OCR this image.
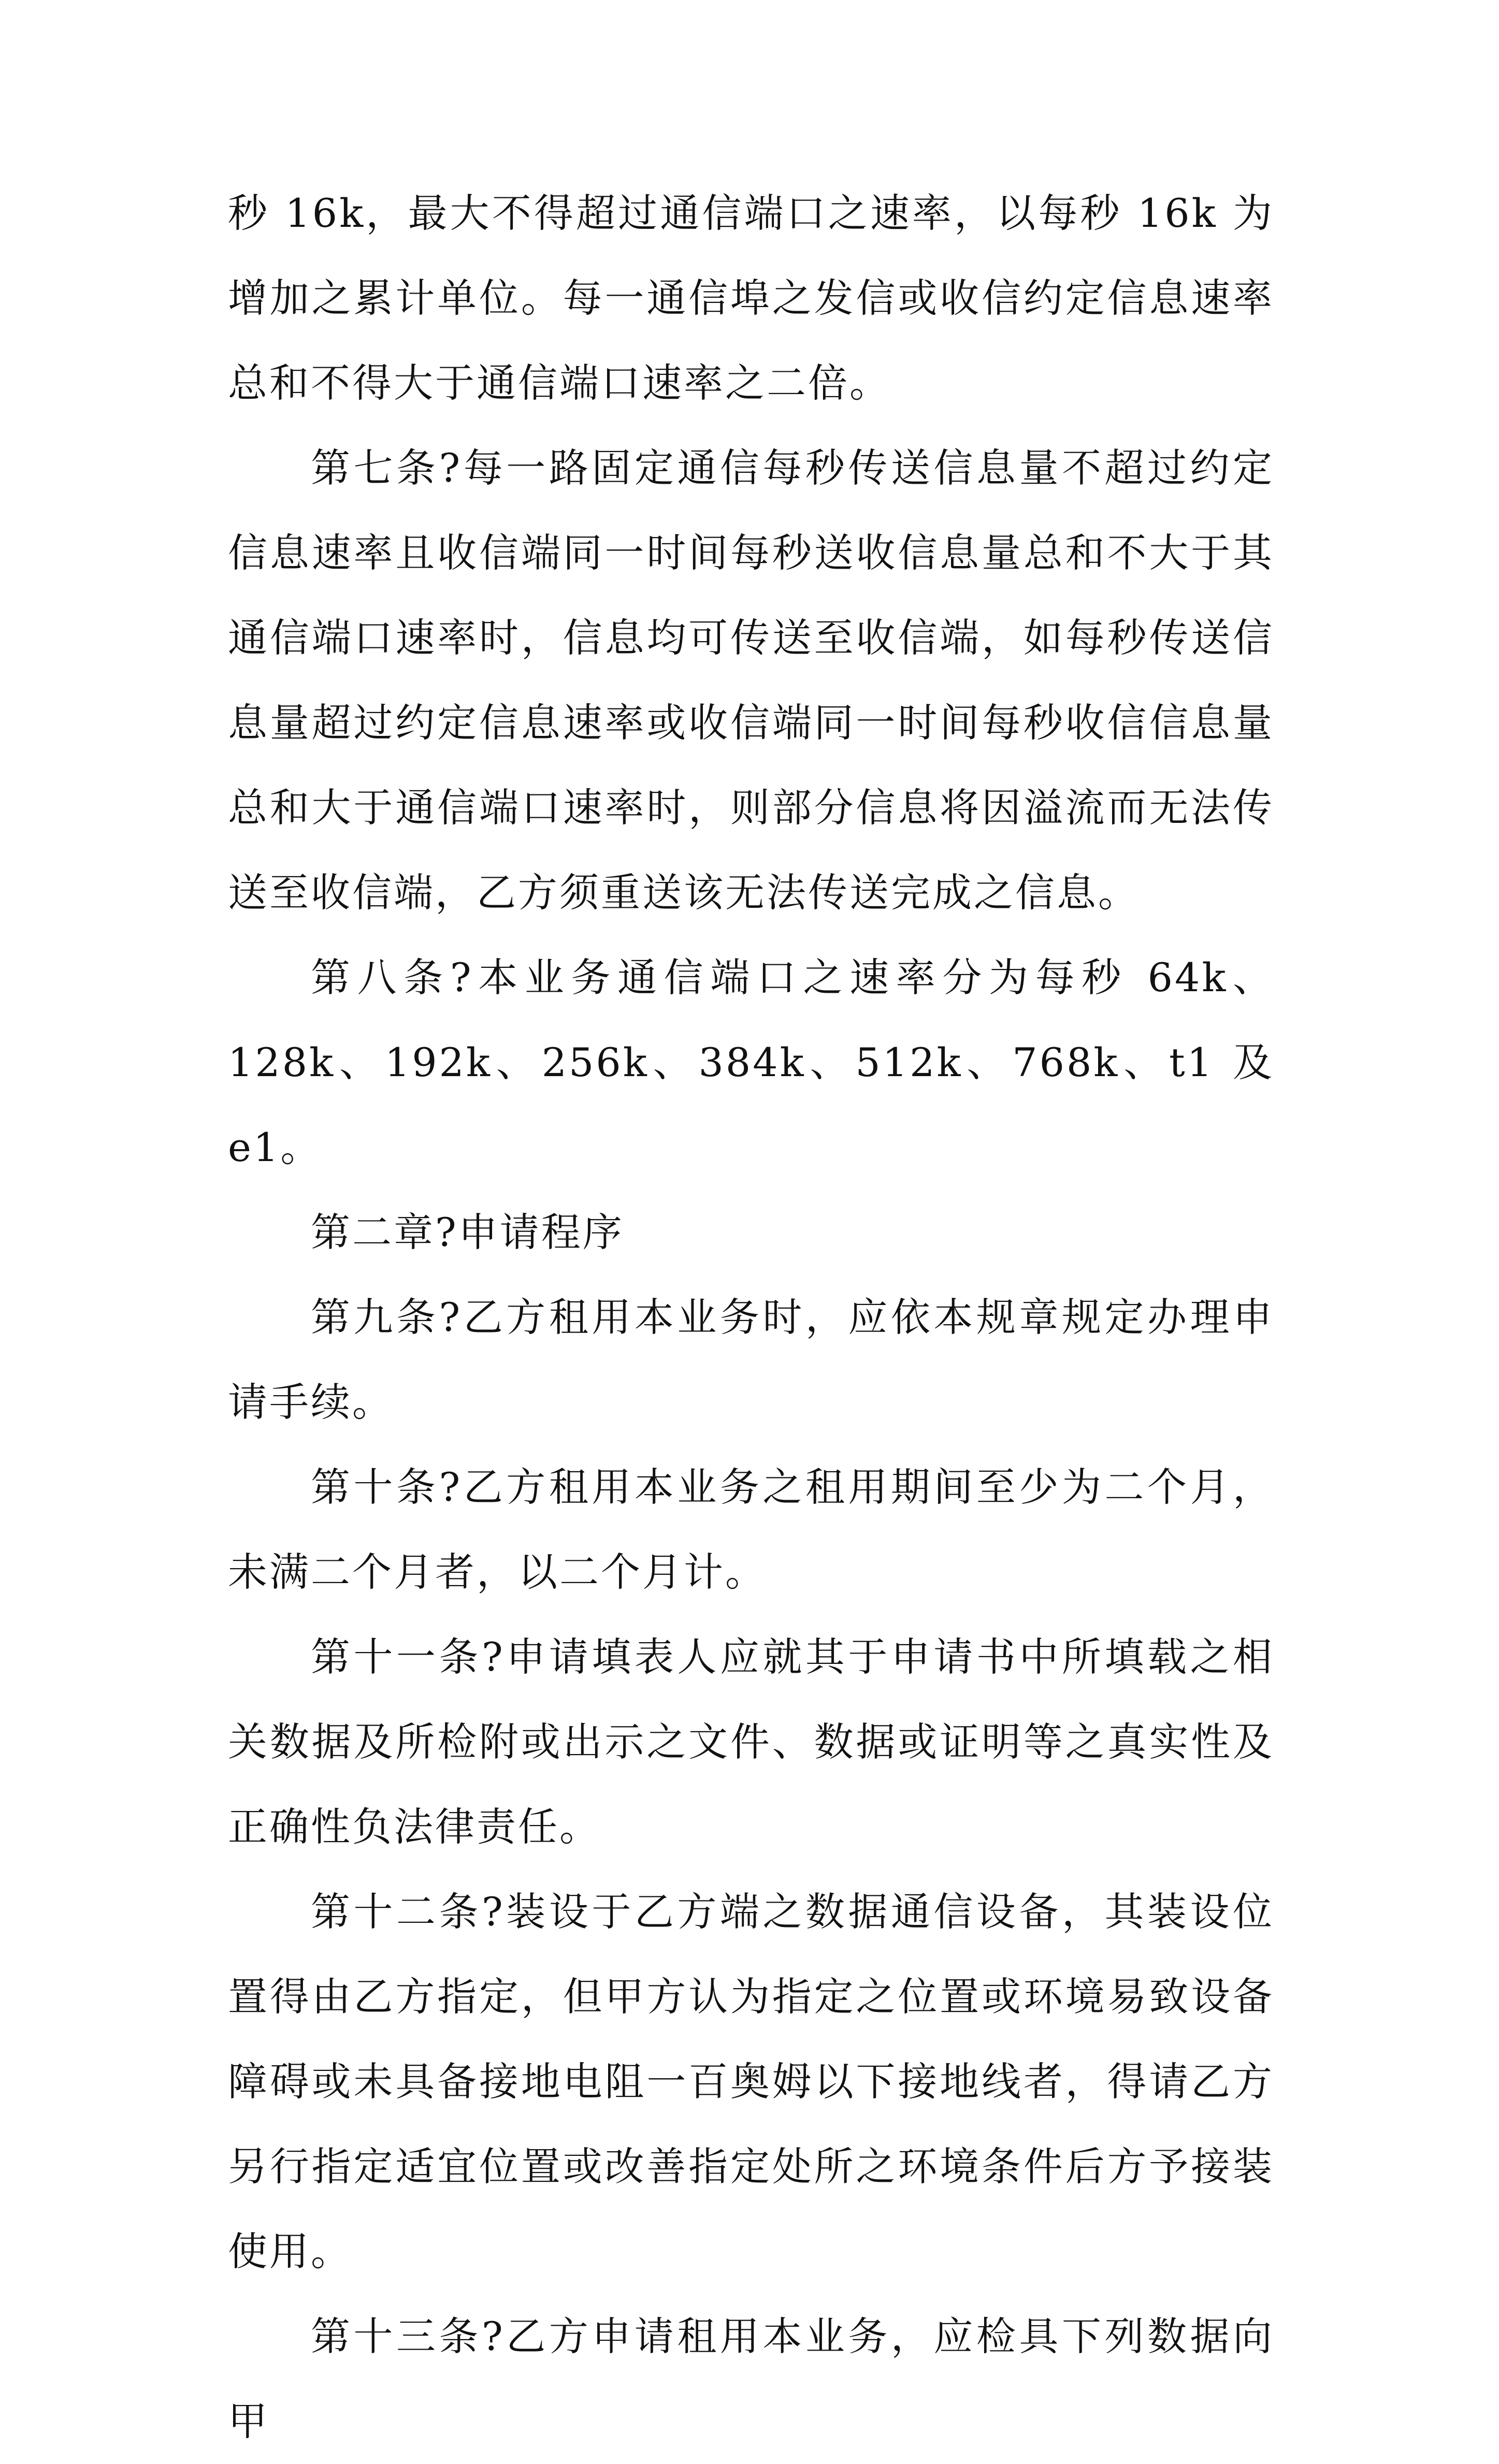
秒 16k，最大不得超过通信端口之速率，以每秒 16k 为增加之累计单位。每一通信埠之发信或收信约定信息速率总和不得大于通信端口速率之二倍。

第七条?每一路固定通信每秒传送信息量不超过约定信息速率且收信端同一时间每秒送收信息量总和不大于其通信端口速率时，信息均可传送至收信端，如每秒传送信息量超过约定信息速率或收信端同一时间每秒收信信息量总和大于通信端口速率时，则部分信息将因溢流而无法传送至收信端，乙方须重送该无法传送完成之信息。

第八条?本业务通信端口之速率分为每秒 64k、128k、192k、256k、384k、512k、768k、t1 及 e1。

第二章?申请程序

第九条?乙方租用本业务时，应依本规章规定办理申请手续。

第十条?乙方租用本业务之租用期间至少为二个月，未满二个月者，以二个月计。

第十一条?申请填表人应就其于申请书中所填载之相关数据及所检附或出示之文件、数据或证明等之真实性及正确性负法律责任。

第十二条?装设于乙方端之数据通信设备，其装设位置得由乙方指定，但甲方认为指定之位置或环境易致设备障碍或未具备接地电阻一百奥姆以下接地线者，得请乙方另行指定适宜位置或改善指定处所之环境条件后方予接装使用。

第十三条?乙方申请租用本业务，应检具下列数据向甲
